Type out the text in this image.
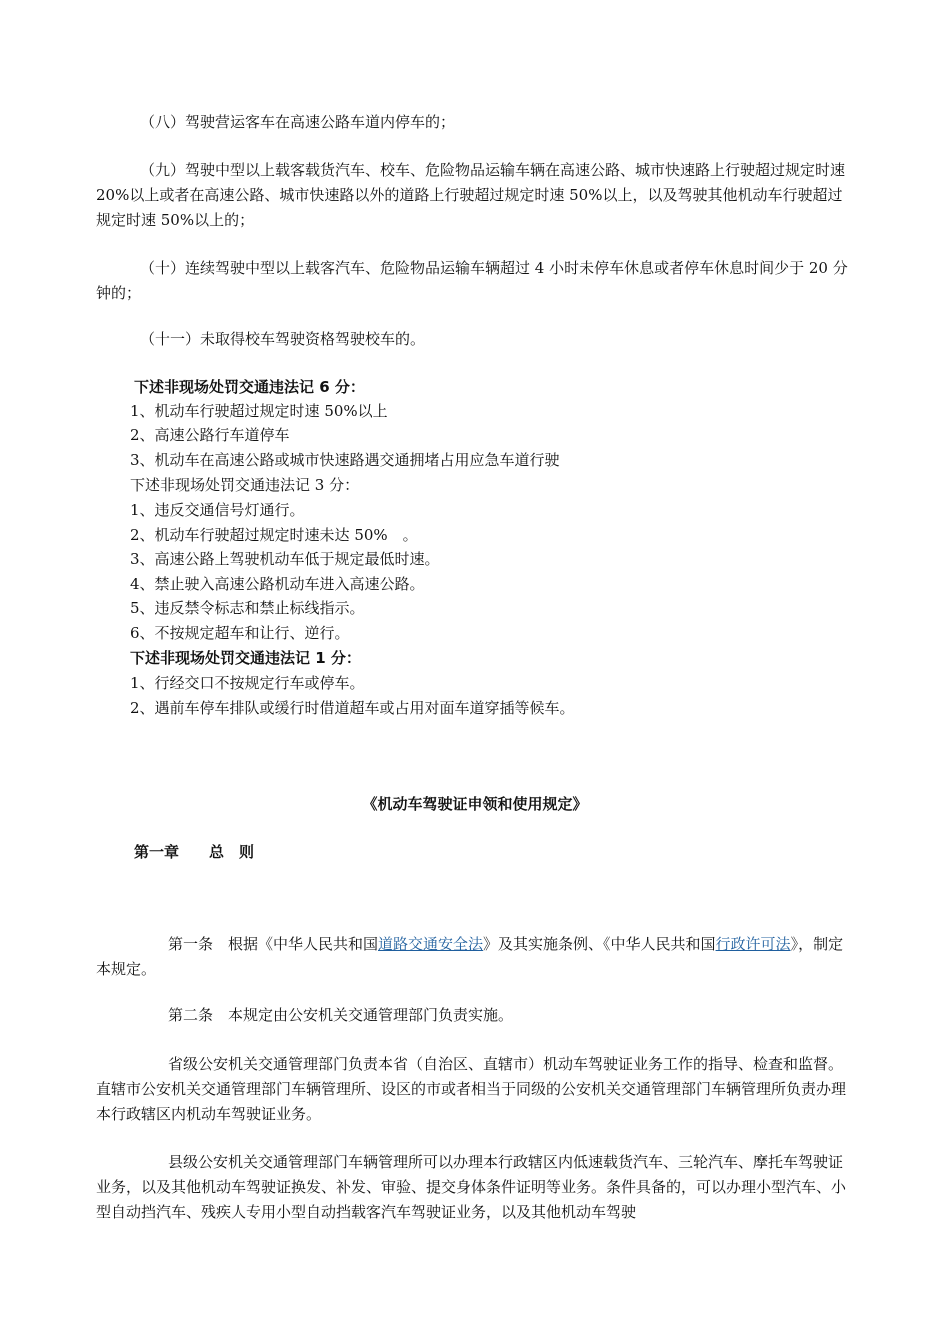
（八）驾驶营运客车在高速公路车道内停车的；

（九）驾驶中型以上载客载货汽车、校车、危险物品运输车辆在高速公路、城市快速路上行驶超过规定时速 20%以上或者在高速公路、城市快速路以外的道路上行驶超过规定时速 50%以上，以及驾驶其他机动车行驶超过规定时速 50%以上的；

（十）连续驾驶中型以上载客汽车、危险物品运输车辆超过 4 小时未停车休息或者停车休息时间少于 20 分钟的；

（十一）未取得校车驾驶资格驾驶校车的。

下述非现场处罚交通违法记 6 分：

1、机动车行驶超过规定时速 50%以上

2、高速公路行车道停车

3、机动车在高速公路或城市快速路遇交通拥堵占用应急车道行驶

下述非现场处罚交通违法记 3 分：

1、违反交通信号灯通行。

2、机动车行驶超过规定时速未达 50%　。

3、高速公路上驾驶机动车低于规定最低时速。

4、禁止驶入高速公路机动车进入高速公路。

5、违反禁令标志和禁止标线指示。

6、不按规定超车和让行、逆行。

下述非现场处罚交通违法记 1 分：

1、行经交口不按规定行车或停车。

2、遇前车停车排队或缓行时借道超车或占用对面车道穿插等候车。

《机动车驾驶证申领和使用规定》

第一章　　总　则

第一条　根据《中华人民共和国道路交通安全法》及其实施条例、《中华人民共和国行政许可法》，制定本规定。

第二条　本规定由公安机关交通管理部门负责实施。

省级公安机关交通管理部门负责本省（自治区、直辖市）机动车驾驶证业务工作的指导、检查和监督。直辖市公安机关交通管理部门车辆管理所、设区的市或者相当于同级的公安机关交通管理部门车辆管理所负责办理本行政辖区内机动车驾驶证业务。

县级公安机关交通管理部门车辆管理所可以办理本行政辖区内低速载货汽车、三轮汽车、摩托车驾驶证业务，以及其他机动车驾驶证换发、补发、审验、提交身体条件证明等业务。条件具备的，可以办理小型汽车、小型自动挡汽车、残疾人专用小型自动挡载客汽车驾驶证业务，以及其他机动车驾驶
